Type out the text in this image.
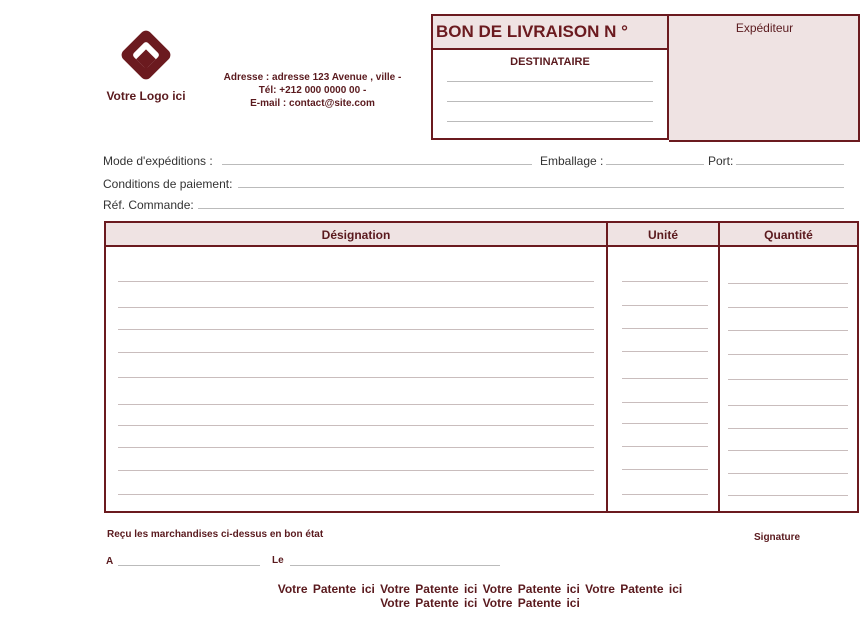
Votre Logo ici
Adresse : adresse 123 Avenue , ville -
Tél: +212 000 0000 00 -
E-mail : contact@site.com
BON DE LIVRAISON N °
DESTINATAIRE
Expéditeur
Mode d'expéditions :	Emballage :	Port:
Conditions de paiement:
Réf. Commande:
Désignation	Unité	Quantité
Reçu les marchandises ci-dessus en bon état	Signature
A	Le
Votre Patente ici Votre Patente ici Votre Patente ici Votre Patente ici
Votre Patente ici Votre Patente ici
